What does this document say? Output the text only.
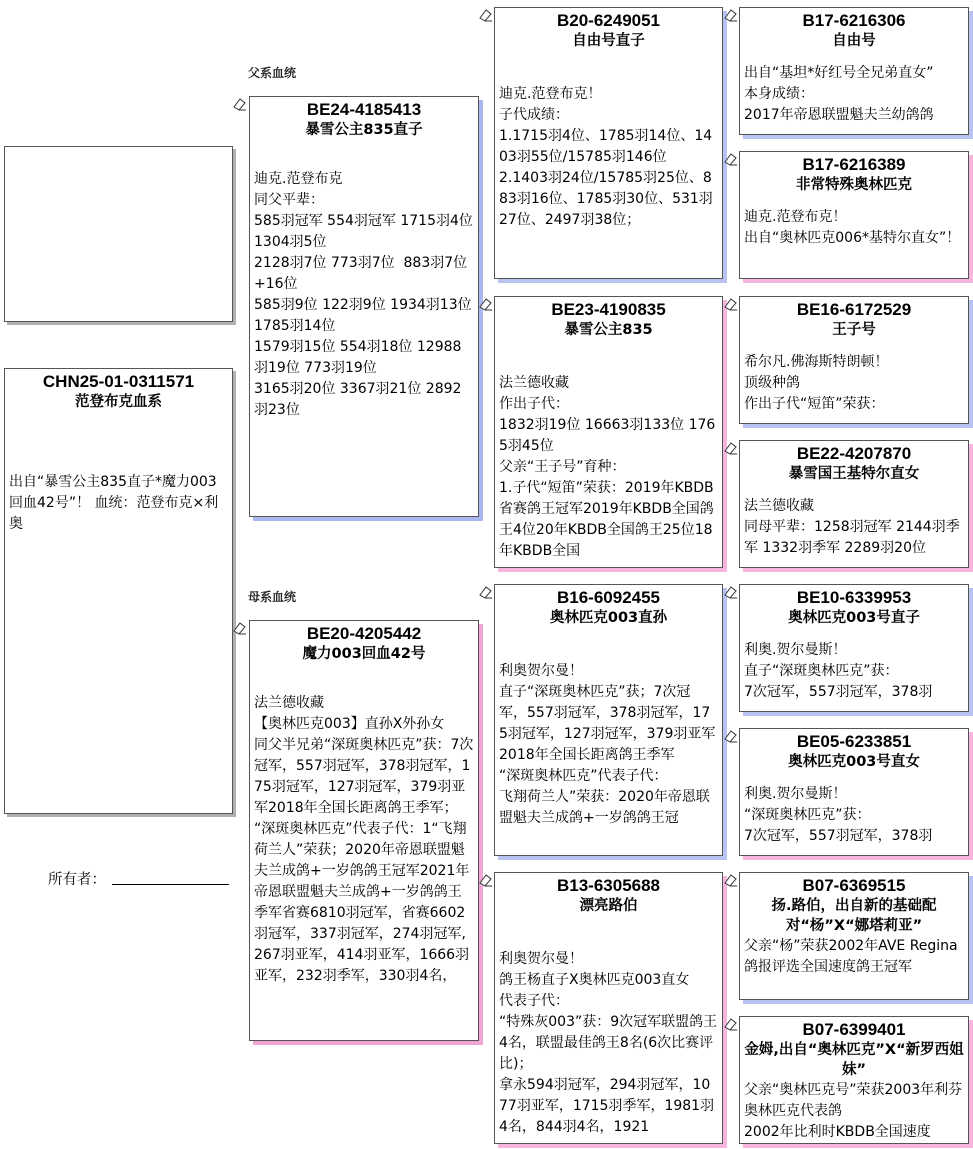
父系血统
母系血统
CHN25-01-0311571
范登布克血系
出自“暴雪公主835直子*魔力003回血42号”！ 血统：范登布克×利奥
所有者：
BE24-4185413
暴雪公主835直子
迪克.范登布克
同父平辈：
585羽冠军 554羽冠军 1715羽4位 1304羽5位
2128羽7位 773羽7位  883羽7位+16位
585羽9位 122羽9位 1934羽13位 1785羽14位
1579羽15位 554羽18位 12988羽19位 773羽19位
3165羽20位 3367羽21位 2892羽23位
BE20-4205442
魔力003回血42号
法兰德收藏
【奥林匹克003】直孙X外孙女
同父半兄弟“深斑奥林匹克”获：7次冠军，557羽冠军，378羽冠军，175羽冠军，127羽冠军，379羽亚军2018年全国长距离鸽王季军；
“深斑奥林匹克”代表子代：1“飞翔荷兰人”荣获；2020年帝恩联盟魁夫兰成鸽+一岁鸽鸽王冠军2021年帝恩联盟魁夫兰成鸽+一岁鸽鸽王季军省赛6810羽冠军，省赛6602羽冠军，337羽冠军，274羽冠军,267羽亚军，414羽亚军，1666羽亚军，232羽季军，330羽4名，
B20-6249051
自由号直子
迪克.范登布克！
子代成绩：
1.1715羽4位、1785羽14位、1403羽55位/15785羽146位
2.1403羽24位/15785羽25位、883羽16位、1785羽30位、531羽27位、2497羽38位；
BE23-4190835
暴雪公主835
法兰德收藏
作出子代：
1832羽19位 16663羽133位 1765羽45位
父亲“王子号”育种：
1.子代“短笛”荣获：2019年KBDB省赛鸽王冠军2019年KBDB全国鸽王4位20年KBDB全国鸽王25位18年KBDB全国
B16-6092455
奥林匹克003直孙
利奥贺尔曼！
直子“深斑奥林匹克”获；7次冠军，557羽冠军，378羽冠军，175羽冠军，127羽冠军，379羽亚军2018年全国长距离鸽王季军
“深斑奥林匹克”代表子代：
飞翔荷兰人”荣获：2020年帝恩联盟魁夫兰成鸽+一岁鸽鸽王冠
B13-6305688
漂亮路伯
利奥贺尔曼！
鸽王杨直子X奥林匹克003直女
代表子代：
“特殊灰003”获：9次冠军联盟鸽王4名，联盟最佳鸽王8名(6次比赛评比)；
拿永594羽冠军，294羽冠军，1077羽亚军，1715羽季军，1981羽4名，844羽4名，1921
B17-6216306
自由号
出自“基坦*好红号全兄弟直女”
本身成绩：
2017年帝恩联盟魁夫兰幼鸽鸽
B17-6216389
非常特殊奥林匹克
迪克.范登布克！
出自“奥林匹克006*基特尔直女”！
BE16-6172529
王子号
希尔凡.佛海斯特朗顿！
顶级种鸽
作出子代“短笛”荣获：
BE22-4207870
暴雪国王基特尔直女
法兰德收藏
同母平辈：1258羽冠军 2144羽季军 1332羽季军 2289羽20位
BE10-6339953
奥林匹克003号直子
利奥.贺尔曼斯！
直子“深斑奥林匹克”获：
7次冠军，557羽冠军，378羽
BE05-6233851
奥林匹克003号直女
利奥.贺尔曼斯！
“深斑奥林匹克”获：
7次冠军，557羽冠军，378羽
B07-6369515
扬.路伯，出自新的基础配对“杨”X“娜塔莉亚”
父亲“杨”荣获2002年AVE Regina鸽报评选全国速度鸽王冠军
B07-6399401
金姆,出自“奥林匹克”X“新罗西姐妹”
父亲“奥林匹克号”荣获2003年利芬奥林匹克代表鸽
2002年比利时KBDB全国速度
